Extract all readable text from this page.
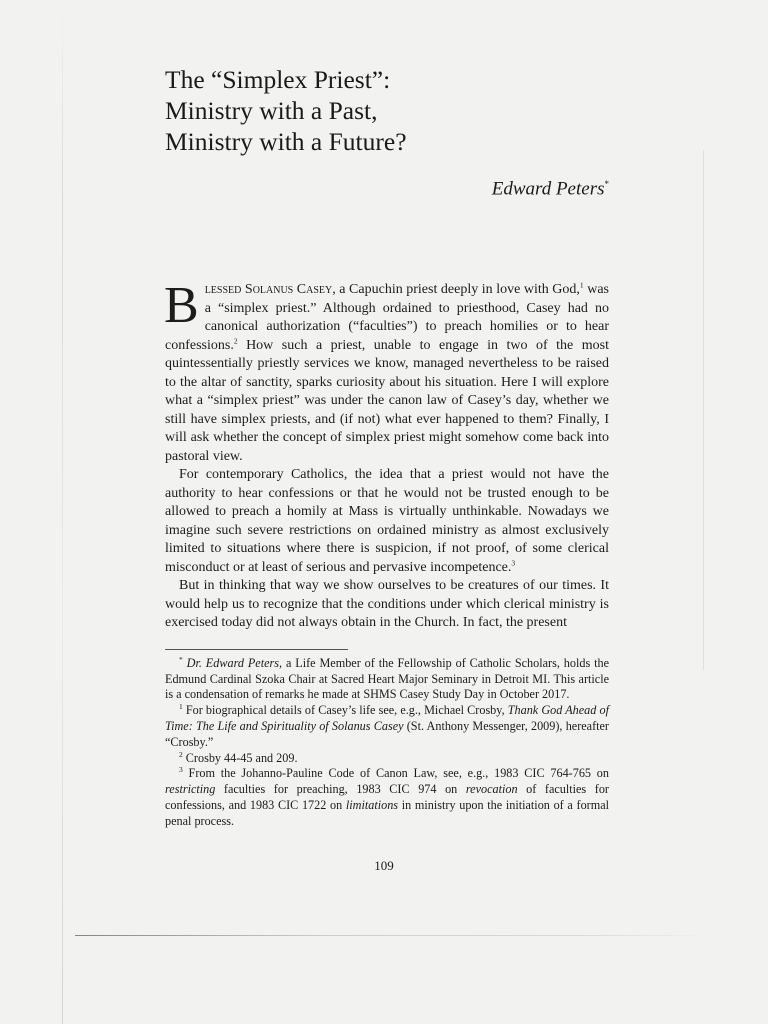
The “Simplex Priest”:
Ministry with a Past,
Ministry with a Future?
Edward Peters*

Blessed Solanus Casey, a Capuchin priest deeply in love with God,$^1$ was a “simplex priest.” Although ordained to priesthood, Casey had no canonical authorization (“faculties”) to preach homilies or to hear confessions.$^2$ How such a priest, unable to engage in two of the most quintessentially priestly services we know, managed nevertheless to be raised to the altar of sanctity, sparks curiosity about his situation. Here I will explore what a “simplex priest” was under the canon law of Casey’s day, whether we still have simplex priests, and (if not) what ever happened to them? Finally, I will ask whether the concept of simplex priest might somehow come back into pastoral view.

For contemporary Catholics, the idea that a priest would not have the authority to hear confessions or that he would not be trusted enough to be allowed to preach a homily at Mass is virtually unthinkable. Nowadays we imagine such severe restrictions on ordained ministry as almost exclusively limited to situations where there is suspicion, if not proof, of some clerical misconduct or at least of serious and pervasive incompetence.$^3$

But in thinking that way we show ourselves to be creatures of our times. It would help us to recognize that the conditions under which clerical ministry is exercised today did not always obtain in the Church. In fact, the present

* Dr. Edward Peters, a Life Member of the Fellowship of Catholic Scholars, holds the Edmund Cardinal Szoka Chair at Sacred Heart Major Seminary in Detroit MI. This article is a condensation of remarks he made at SHMS Casey Study Day in October 2017.

$^1$ For biographical details of Casey’s life see, e.g., Michael Crosby, Thank God Ahead of Time: The Life and Spirituality of Solanus Casey (St. Anthony Messenger, 2009), hereafter “Crosby.”

$^2$ Crosby 44-45 and 209.

$^3$ From the Johanno-Pauline Code of Canon Law, see, e.g., 1983 CIC 764-765 on restricting faculties for preaching, 1983 CIC 974 on revocation of faculties for confessions, and 1983 CIC 1722 on limitations in ministry upon the initiation of a formal penal process.

109
